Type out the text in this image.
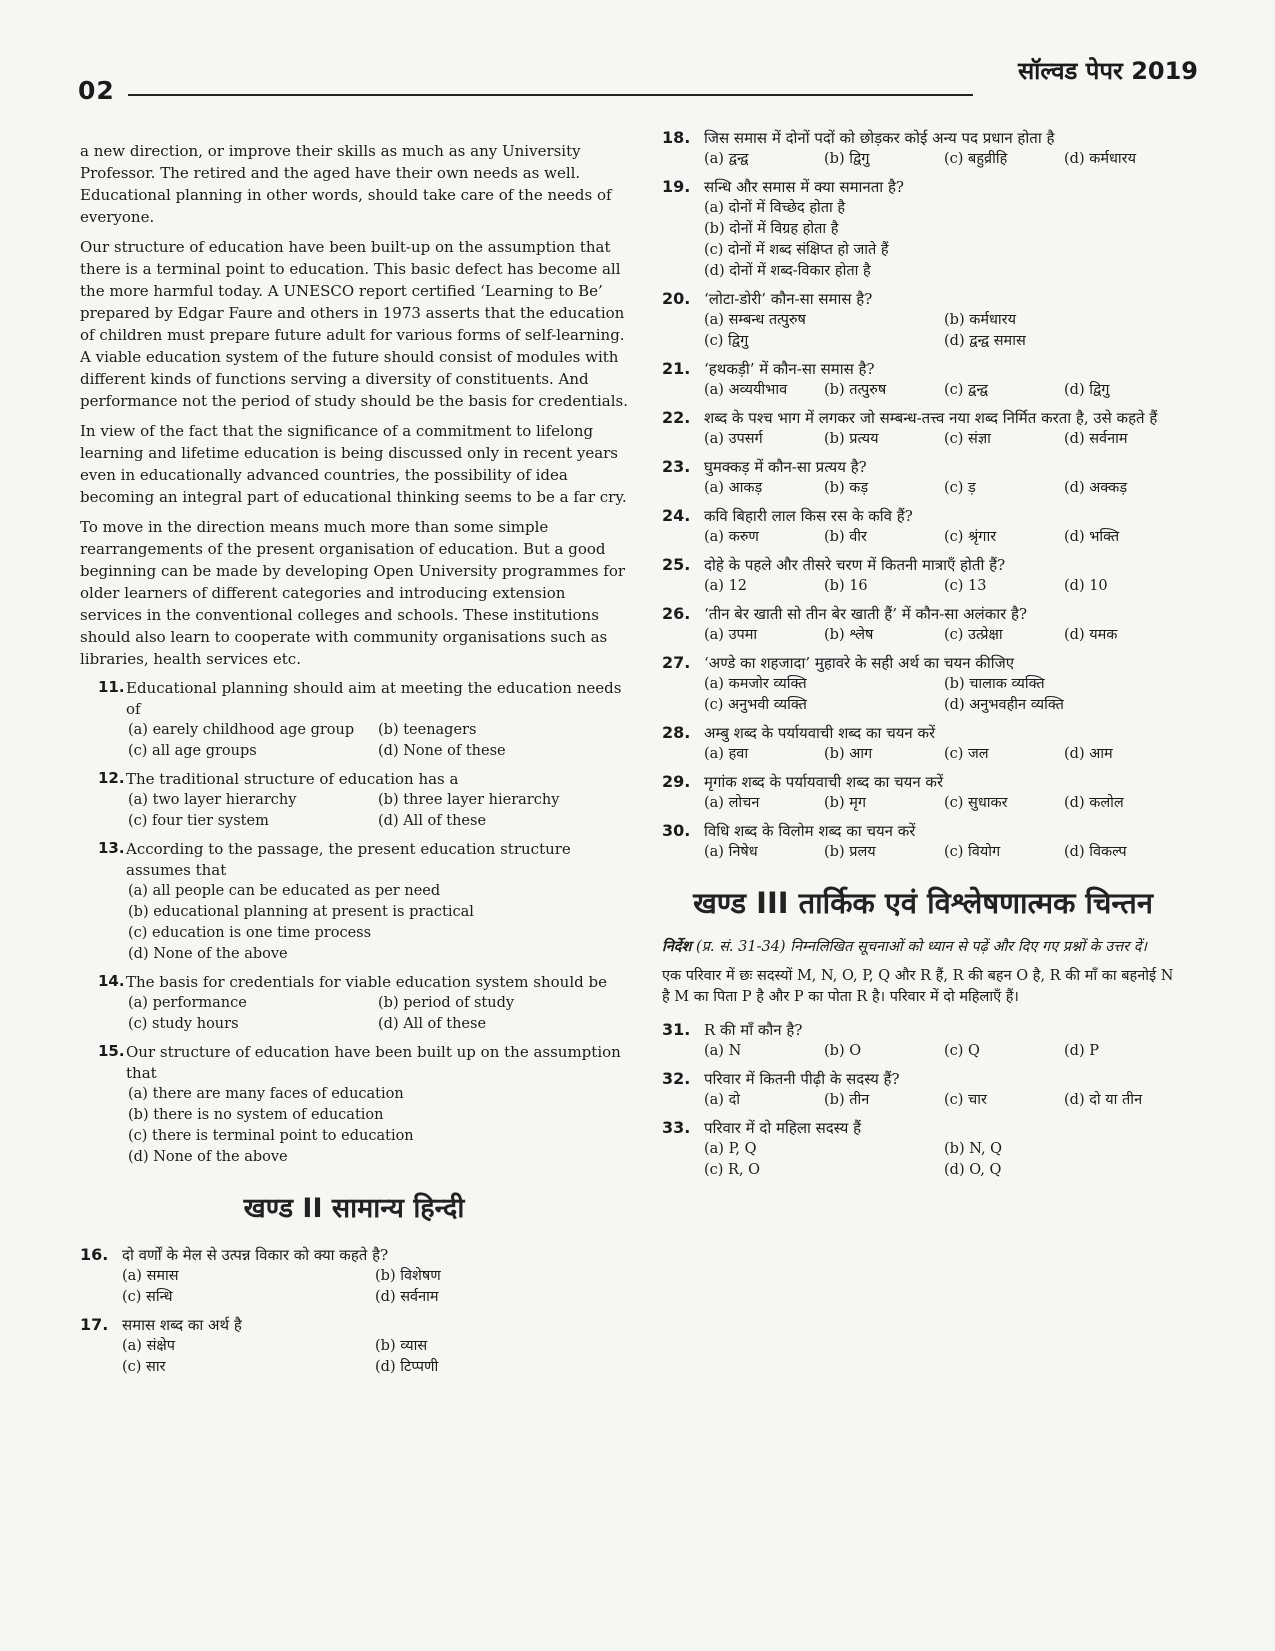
02
सॉल्वड पेपर 2019

a new direction, or improve their skills as much as any University Professor. The retired and the aged have their own needs as well. Educational planning in other words, should take care of the needs of everyone.

Our structure of education have been built-up on the assumption that there is a terminal point to education. This basic defect has become all the more harmful today. A UNESCO report certified ‘Learning to Be’ prepared by Edgar Faure and others in 1973 asserts that the education of children must prepare future adult for various forms of self-learning. A viable education system of the future should consist of modules with different kinds of functions serving a diversity of constituents. And performance not the period of study should be the basis for credentials.

In view of the fact that the significance of a commitment to lifelong learning and lifetime education is being discussed only in recent years even in educationally advanced countries, the possibility of idea becoming an integral part of educational thinking seems to be a far cry.

To move in the direction means much more than some simple rearrangements of the present organisation of education. But a good beginning can be made by developing Open University programmes for older learners of different categories and introducing extension services in the conventional colleges and schools. These institutions should also learn to cooperate with community organisations such as libraries, health services etc.

11. Educational planning should aim at meeting the education needs of
(a) earely childhood age group	(b) teenagers
(c) all age groups	(d) None of these
12. The traditional structure of education has a
(a) two layer hierarchy	(b) three layer hierarchy
(c) four tier system	(d) All of these
13. According to the passage, the present education structure assumes that
(a) all people can be educated as per need
(b) educational planning at present is practical
(c) education is one time process
(d) None of the above
14. The basis for credentials for viable education system should be
(a) performance	(b) period of study
(c) study hours	(d) All of these
15. Our structure of education have been built up on the assumption that
(a) there are many faces of education
(b) there is no system of education
(c) there is terminal point to education
(d) None of the above
खण्ड II सामान्य हिन्दी
16. दो वर्णों के मेल से उत्पन्न विकार को क्या कहते है?
(a) समास	(b) विशेषण
(c) सन्धि	(d) सर्वनाम
17. समास शब्द का अर्थ है
(a) संक्षेप	(b) व्यास
(c) सार	(d) टिप्पणी
18. जिस समास में दोनों पदों को छोड़कर कोई अन्य पद प्रधान होता है
(a) द्वन्द्व	(b) द्विगु	(c) बहुव्रीहि	(d) कर्मधारय
19. सन्धि और समास में क्या समानता है?
(a) दोनों में विच्छेद होता है
(b) दोनों में विग्रह होता है
(c) दोनों में शब्द संक्षिप्त हो जाते हैं
(d) दोनों में शब्द-विकार होता है
20. ‘लोटा-डोरी’ कौन-सा समास है?
(a) सम्बन्ध तत्पुरुष	(b) कर्मधारय
(c) द्विगु	(d) द्वन्द्व समास
21. ‘हथकड़ी’ में कौन-सा समास है?
(a) अव्ययीभाव	(b) तत्पुरुष	(c) द्वन्द्व	(d) द्विगु
22. शब्द के पश्च भाग में लगकर जो सम्बन्ध-तत्त्व नया शब्द निर्मित करता है, उसे कहते हैं
(a) उपसर्ग	(b) प्रत्यय	(c) संज्ञा	(d) सर्वनाम
23. घुमक्कड़ में कौन-सा प्रत्यय है?
(a) आकड़	(b) कड़	(c) ड़	(d) अक्कड़
24. कवि बिहारी लाल किस रस के कवि हैं?
(a) करुण	(b) वीर	(c) श्रृंगार	(d) भक्ति
25. दोहे के पहले और तीसरे चरण में कितनी मात्राएँ होती हैं?
(a) 12	(b) 16	(c) 13	(d) 10
26. ‘तीन बेर खाती सो तीन बेर खाती हैं’ में कौन-सा अलंकार है?
(a) उपमा	(b) श्लेष	(c) उत्प्रेक्षा	(d) यमक
27. ‘अण्डे का शहजादा’ मुहावरे के सही अर्थ का चयन कीजिए
(a) कमजोर व्यक्ति	(b) चालाक व्यक्ति
(c) अनुभवी व्यक्ति	(d) अनुभवहीन व्यक्ति
28. अम्बु शब्द के पर्यायवाची शब्द का चयन करें
(a) हवा	(b) आग	(c) जल	(d) आम
29. मृगांक शब्द के पर्यायवाची शब्द का चयन करें
(a) लोचन	(b) मृग	(c) सुधाकर	(d) कलोल
30. विधि शब्द के विलोम शब्द का चयन करें
(a) निषेध	(b) प्रलय	(c) वियोग	(d) विकल्प
खण्ड III तार्किक एवं विश्लेषणात्मक चिन्तन

निर्देश (प्र. सं. 31-34) निम्नलिखित सूचनाओं को ध्यान से पढ़ें और दिए गए प्रश्नों के उत्तर दें।

एक परिवार में छः सदस्यों M, N, O, P, Q और R हैं, R की बहन O है, R की माँ का बहनोई N है M का पिता P है और P का पोता R है। परिवार में दो महिलाएँ हैं।

31. R की माँ कौन है?
(a) N	(b) O	(c) Q	(d) P
32. परिवार में कितनी पीढ़ी के सदस्य हैं?
(a) दो	(b) तीन	(c) चार	(d) दो या तीन
33. परिवार में दो महिला सदस्य हैं
(a) P, Q	(b) N, Q
(c) R, O	(d) O, Q
